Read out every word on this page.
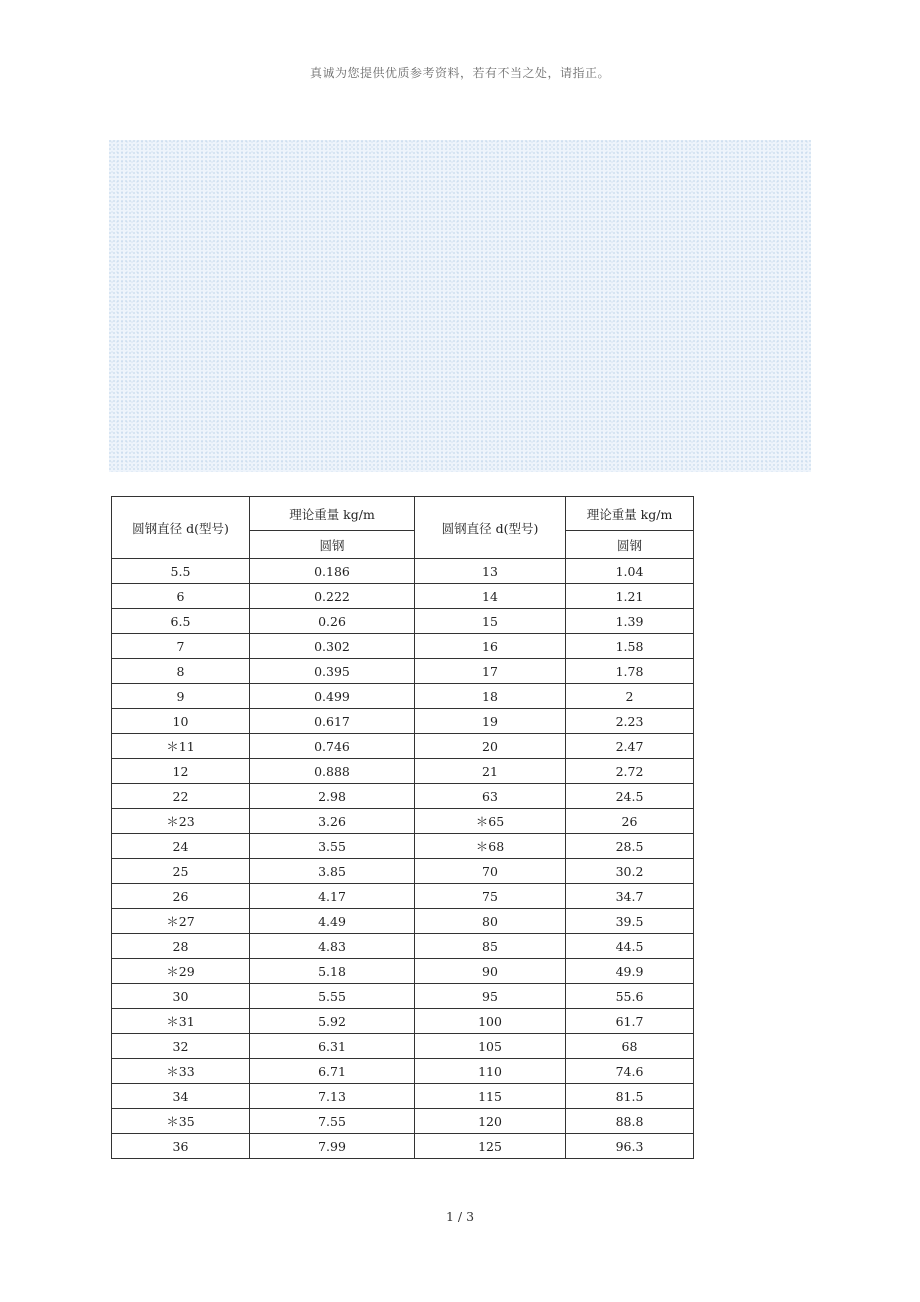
真诚为您提供优质参考资料，若有不当之处，请指正。
圆钢直径 d(型号)	理论重量 kg/m	圆钢直径 d(型号)	理论重量 kg/m
	圆钢		圆钢
5.5	0.186	13	1.04
6	0.222	14	1.21
6.5	0.26	15	1.39
7	0.302	16	1.58
8	0.395	17	1.78
9	0.499	18	2
10	0.617	19	2.23
＊11	0.746	20	2.47
12	0.888	21	2.72
22	2.98	63	24.5
＊23	3.26	＊65	26
24	3.55	＊68	28.5
25	3.85	70	30.2
26	4.17	75	34.7
＊27	4.49	80	39.5
28	4.83	85	44.5
＊29	5.18	90	49.9
30	5.55	95	55.6
＊31	5.92	100	61.7
32	6.31	105	68
＊33	6.71	110	74.6
34	7.13	115	81.5
＊35	7.55	120	88.8
36	7.99	125	96.3
1 / 3
